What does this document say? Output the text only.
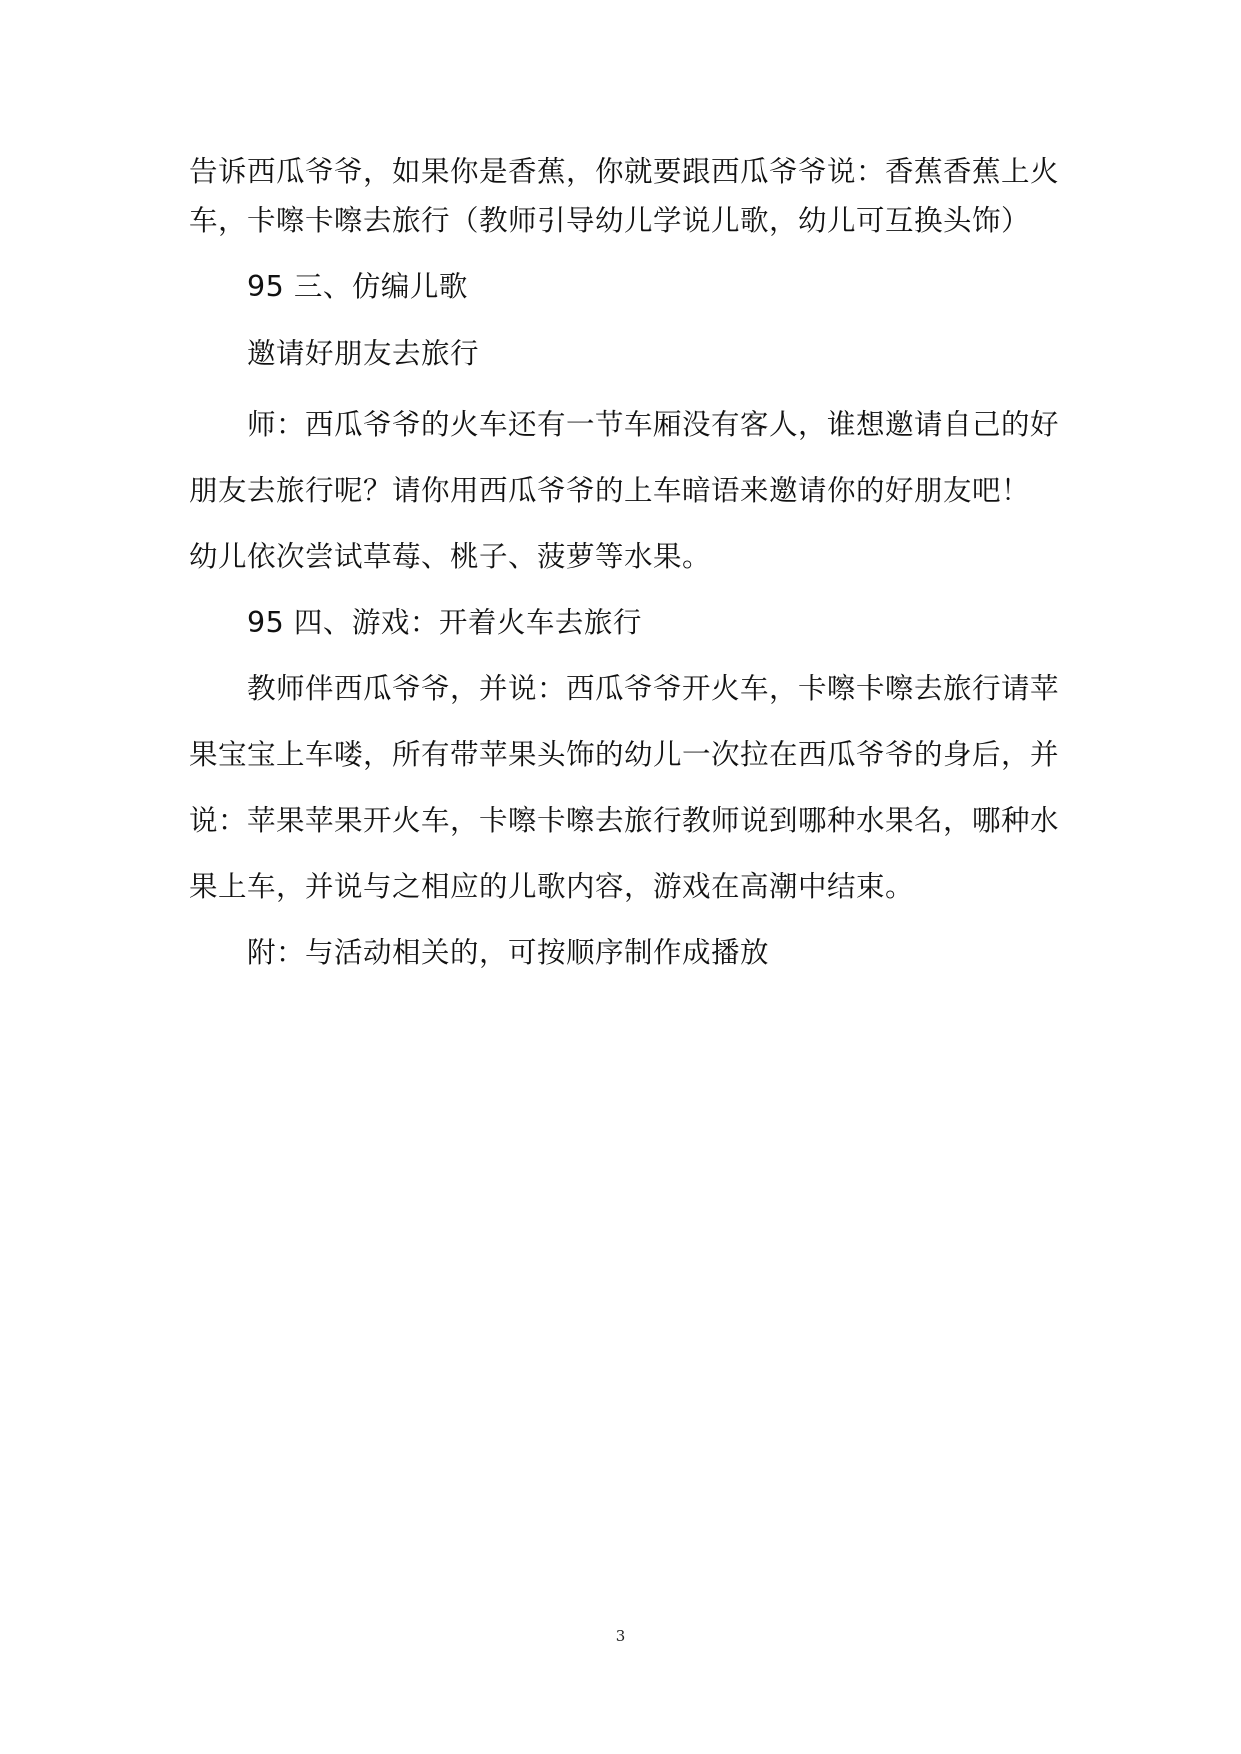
告诉西瓜爷爷，如果你是香蕉，你就要跟西瓜爷爷说：香蕉香蕉上火
车，卡嚓卡嚓去旅行（教师引导幼儿学说儿歌，幼儿可互换头饰）
95 三、仿编儿歌
邀请好朋友去旅行
师：西瓜爷爷的火车还有一节车厢没有客人，谁想邀请自己的好
朋友去旅行呢？请你用西瓜爷爷的上车暗语来邀请你的好朋友吧！
幼儿依次尝试草莓、桃子、菠萝等水果。
95 四、游戏：开着火车去旅行
教师伴西瓜爷爷，并说：西瓜爷爷开火车，卡嚓卡嚓去旅行请苹
果宝宝上车喽，所有带苹果头饰的幼儿一次拉在西瓜爷爷的身后，并
说：苹果苹果开火车，卡嚓卡嚓去旅行教师说到哪种水果名，哪种水
果上车，并说与之相应的儿歌内容，游戏在高潮中结束。
附：与活动相关的，可按顺序制作成播放
3
